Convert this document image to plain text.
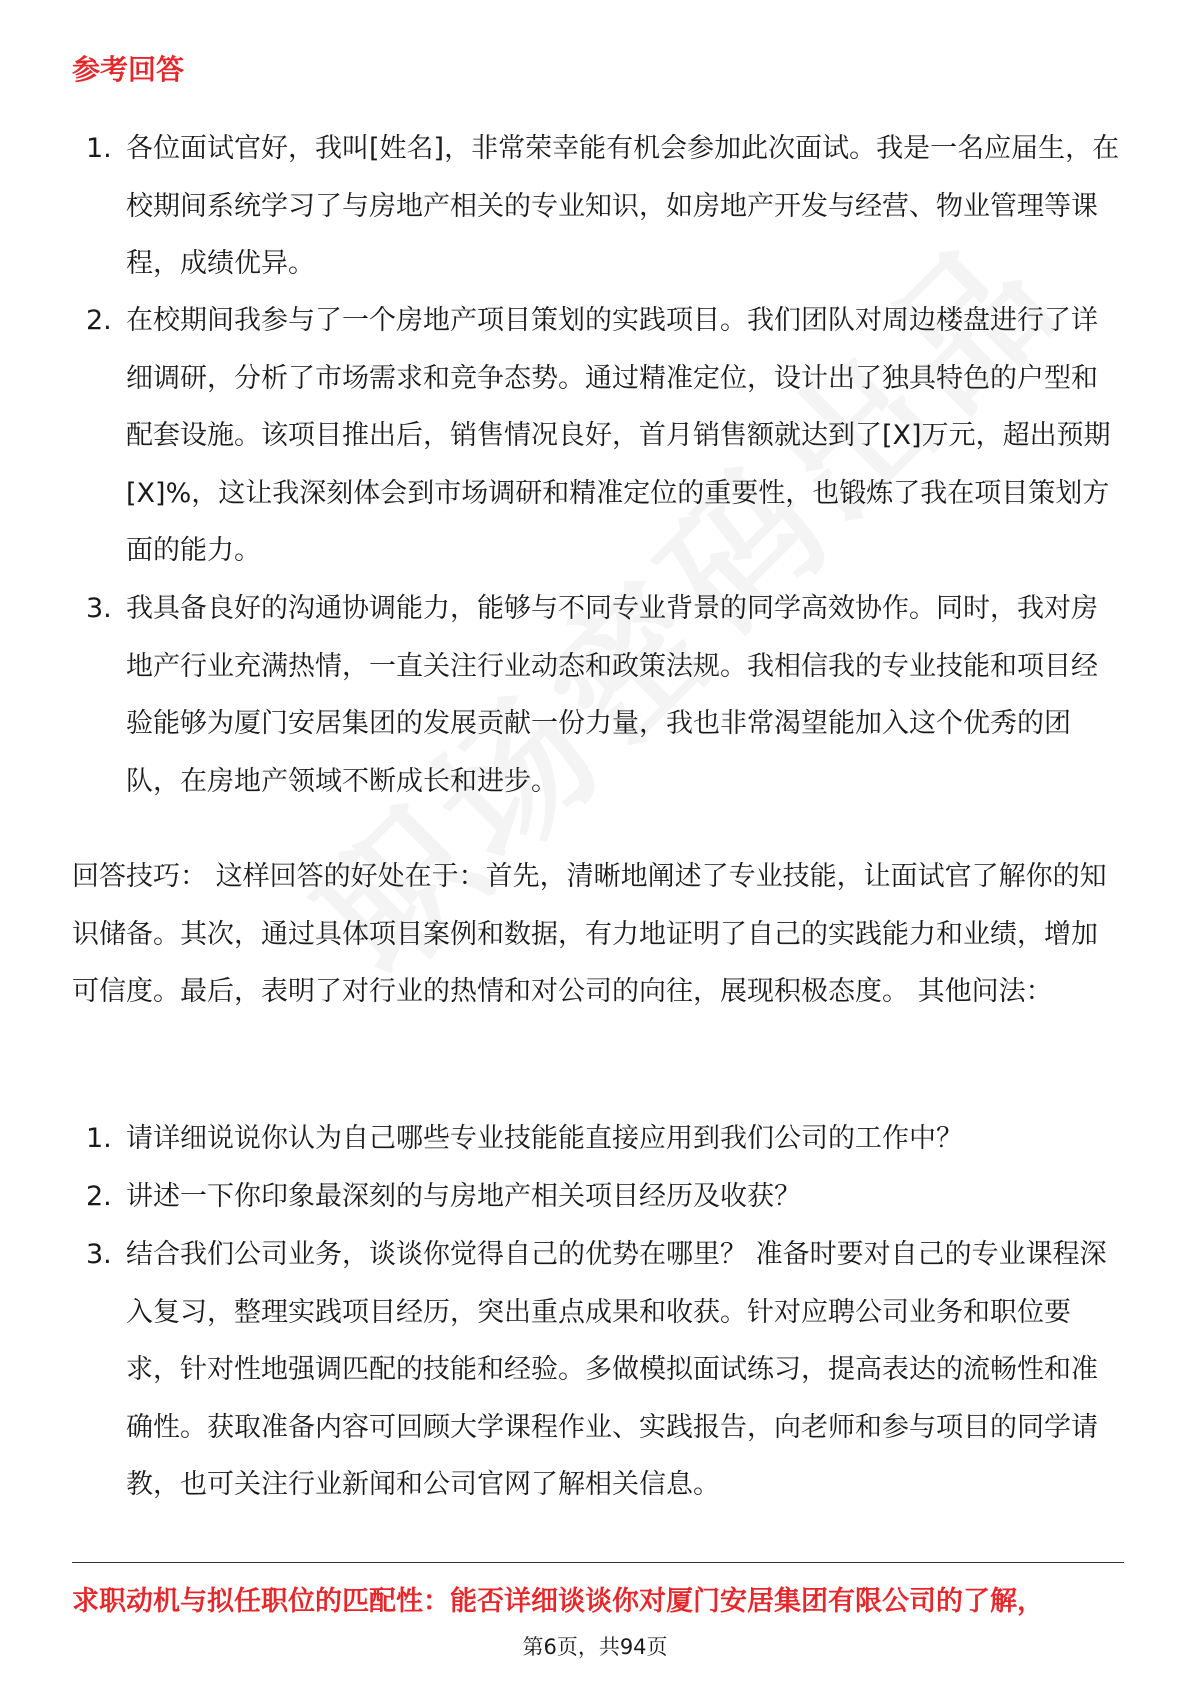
参考回答
1. 各位面试官好，我叫[姓名]，非常荣幸能有机会参加此次面试。我是一名应届生，在校期间系统学习了与房地产相关的专业知识，如房地产开发与经营、物业管理等课程，成绩优异。
2. 在校期间我参与了一个房地产项目策划的实践项目。我们团队对周边楼盘进行了详细调研，分析了市场需求和竞争态势。通过精准定位，设计出了独具特色的户型和配套设施。该项目推出后，销售情况良好，首月销售额就达到了[X]万元，超出预期[X]%，这让我深刻体会到市场调研和精准定位的重要性，也锻炼了我在项目策划方面的能力。
3. 我具备良好的沟通协调能力，能够与不同专业背景的同学高效协作。同时，我对房地产行业充满热情，一直关注行业动态和政策法规。我相信我的专业技能和项目经验能够为厦门安居集团的发展贡献一份力量，我也非常渴望能加入这个优秀的团队，在房地产领域不断成长和进步。
回答技巧： 这样回答的好处在于：首先，清晰地阐述了专业技能，让面试官了解你的知识储备。其次，通过具体项目案例和数据，有力地证明了自己的实践能力和业绩，增加可信度。最后，表明了对行业的热情和对公司的向往，展现积极态度。 其他问法：
1. 请详细说说你认为自己哪些专业技能能直接应用到我们公司的工作中？
2. 讲述一下你印象最深刻的与房地产相关项目经历及收获？
3. 结合我们公司业务，谈谈你觉得自己的优势在哪里？ 准备时要对自己的专业课程深入复习，整理实践项目经历，突出重点成果和收获。针对应聘公司业务和职位要求，针对性地强调匹配的技能和经验。多做模拟面试练习，提高表达的流畅性和准确性。获取准备内容可回顾大学课程作业、实践报告，向老师和参与项目的同学请教，也可关注行业新闻和公司官网了解相关信息。
求职动机与拟任职位的匹配性：能否详细谈谈你对厦门安居集团有限公司的了解，
第6页，共94页
